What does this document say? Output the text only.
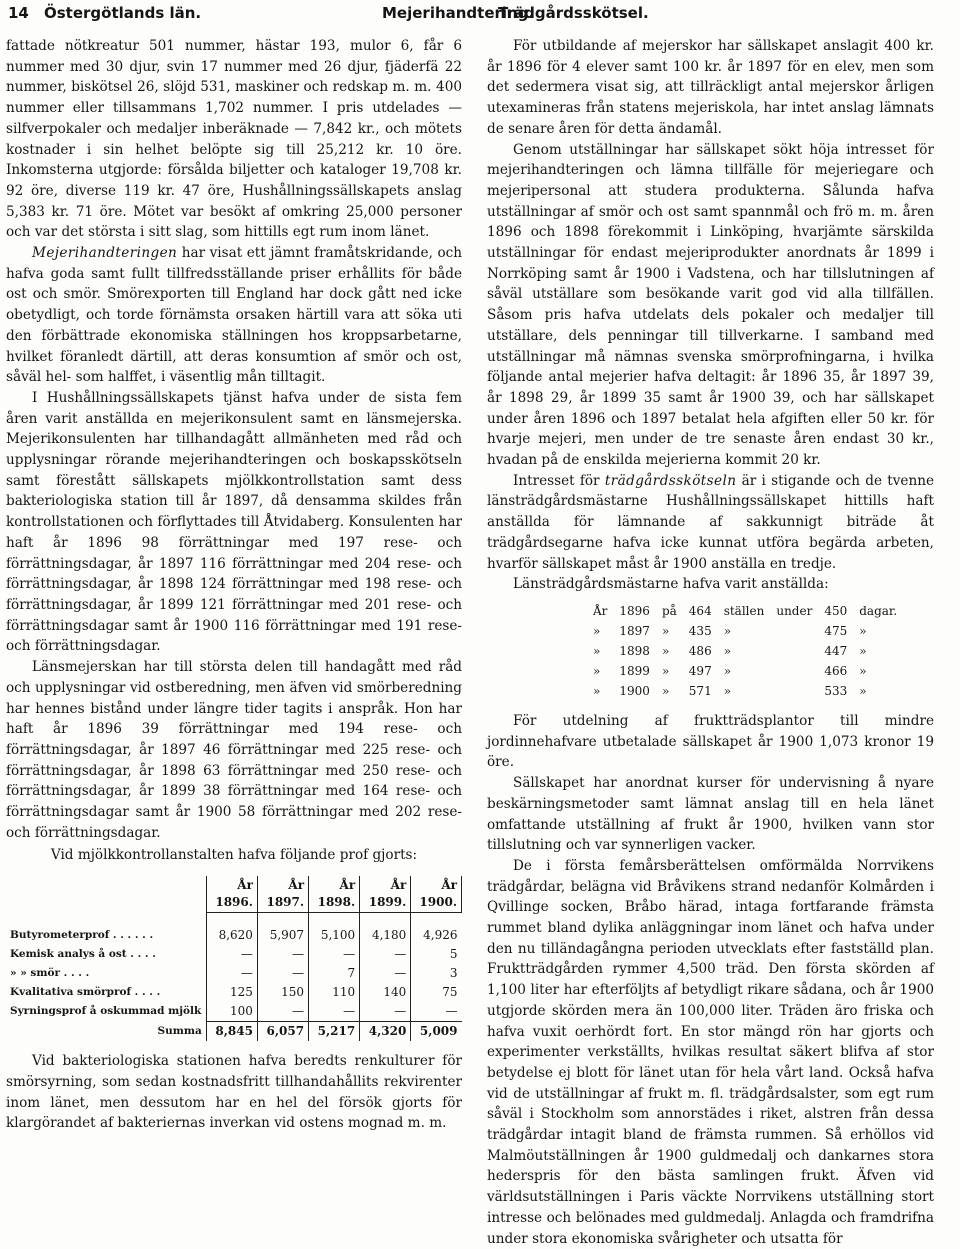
14 Östergötlands län.	Mejerihandtering.
Trädgårdsskötsel.

fattade nötkreatur 501 nummer, hästar 193, mulor 6, får 6 nummer med 30 djur, svin 17 nummer med 26 djur, fjäderfä 22 nummer, biskötsel 26, slöjd 531, maskiner och redskap m. m. 400 nummer eller tillsammans 1,702 nummer. I pris utdelades — silfverpokaler och medaljer inberäknade — 7,842 kr., och mötets kostnader i sin helhet belöpte sig till 25,212 kr. 10 öre. Inkomsterna utgjorde: försålda biljetter och kataloger 19,708 kr. 92 öre, diverse 119 kr. 47 öre, Hushållningssällskapets anslag 5,383 kr. 71 öre. Mötet var besökt af omkring 25,000 personer och var det största i sitt slag, som hittills egt rum inom länet.

Mejerihandteringen har visat ett jämnt framåtskridande, och hafva goda samt fullt tillfredsställande priser erhållits för både ost och smör. Smörexporten till England har dock gått ned icke obetydligt, och torde förnämsta orsaken härtill vara att söka uti den förbättrade ekonomiska ställningen hos kroppsarbetarne, hvilket föranledt därtill, att deras konsumtion af smör och ost, såväl hel- som halffet, i väsentlig mån tilltagit.

I Hushållningssällskapets tjänst hafva under de sista fem åren varit anställda en mejerikonsulent samt en länsmejerska. Mejerikonsulenten har tillhandagått allmänheten med råd och upplysningar rörande mejerihandteringen och boskapsskötseln samt förestått sällskapets mjölkkontrollstation samt dess bakteriologiska station till år 1897, då densamma skildes från kontrollstationen och förflyttades till Åtvidaberg. Konsulenten har haft år 1896 98 förrättningar med 197 rese- och förrättningsdagar, år 1897 116 förrättningar med 204 rese- och förrättningsdagar, år 1898 124 förrättningar med 198 rese- och förrättningsdagar, år 1899 121 förrättningar med 201 rese- och förrättningsdagar samt år 1900 116 förrättningar med 191 rese- och förrättningsdagar.

Länsmejerskan har till största delen till handagått med råd och upplysningar vid ostberedning, men äfven vid smörberedning har hennes bistånd under längre tider tagits i anspråk. Hon har haft år 1896 39 förrättningar med 194 rese- och förrättningsdagar, år 1897 46 förrättningar med 225 rese- och förrättningsdagar, år 1898 63 förrättningar med 250 rese- och förrättningsdagar, år 1899 38 förrättningar med 164 rese- och förrättningsdagar samt år 1900 58 förrättningar med 202 rese- och förrättningsdagar.

Vid mjölkkontrollanstalten hafva följande prof gjorts:

	År 1896.	År 1897.	År 1898.	År 1899.	År 1900.
Butyrometerprof . . . . . .	8,620	5,907	5,100	4,180	4,926
Kemisk analys å ost . . . .	—	—	—	—	5
» » smör . . . .	—	—	7	—	3
Kvalitativa smörprof . . . .	125	150	110	140	75
Syrningsprof å oskummad mjölk	100	—	—	—	—
Summa	8,845	6,057	5,217	4,320	5,009

Vid bakteriologiska stationen hafva beredts renkulturer för smörsyrning, som sedan kostnadsfritt tillhandahållits rekvirenter inom länet, men dessutom har en hel del försök gjorts för klargörandet af bakteriernas inverkan vid ostens mognad m. m.

För utbildande af mejerskor har sällskapet anslagit 400 kr. år 1896 för 4 elever samt 100 kr. år 1897 för en elev, men som det sedermera visat sig, att tillräckligt antal mejerskor årligen utexamineras från statens mejeriskola, har intet anslag lämnats de senare åren för detta ändamål.

Genom utställningar har sällskapet sökt höja intresset för mejerihandteringen och lämna tillfälle för mejeriegare och mejeripersonal att studera produkterna. Sålunda hafva utställningar af smör och ost samt spannmål och frö m. m. åren 1896 och 1898 förekommit i Linköping, hvarjämte särskilda utställningar för endast mejeriprodukter anordnats år 1899 i Norrköping samt år 1900 i Vadstena, och har tillslutningen af såväl utställare som besökande varit god vid alla tillfällen. Såsom pris hafva utdelats dels pokaler och medaljer till utställare, dels penningar till tillverkarne. I samband med utställningar må nämnas svenska smörprofningarna, i hvilka följande antal mejerier hafva deltagit: år 1896 35, år 1897 39, år 1898 29, år 1899 35 samt år 1900 39, och har sällskapet under åren 1896 och 1897 betalat hela afgiften eller 50 kr. för hvarje mejeri, men under de tre senaste åren endast 30 kr., hvadan på de enskilda mejerierna kommit 20 kr.

Intresset för trädgårdsskötseln är i stigande och de tvenne länsträdgårdsmästarne Hushållningssällskapet hittills haft anställda för lämnande af sakkunnigt biträde åt trädgårdsegarne hafva icke kunnat utföra begärda arbeten, hvarför sällskapet måst år 1900 anställa en tredje.

Länsträdgårdsmästarne hafva varit anställda:

År	1896	på	464	ställen	under	450	dagar.
»	1897	»	435	»		475	»
»	1898	»	486	»		447	»
»	1899	»	497	»		466	»
»	1900	»	571	»		533	»

För utdelning af fruktträdsplantor till mindre jordinnehafvare utbetalade sällskapet år 1900 1,073 kronor 19 öre.

Sällskapet har anordnat kurser för undervisning å nyare beskärningsmetoder samt lämnat anslag till en hela länet omfattande utställning af frukt år 1900, hvilken vann stor tillslutning och var synnerligen vacker.

De i första femårsberättelsen omförmälda Norrvikens trädgårdar, belägna vid Bråvikens strand nedanför Kolmården i Qvillinge socken, Bråbo härad, intaga fortfarande främsta rummet bland dylika anläggningar inom länet och hafva under den nu tilländagångna perioden utvecklats efter fastställd plan. Fruktträdgården rymmer 4,500 träd. Den första skörden af 1,100 liter har efterföljts af betydligt rikare sådana, och år 1900 utgjorde skörden mera än 100,000 liter. Träden äro friska och hafva vuxit oerhördt fort. En stor mängd rön har gjorts och experimenter verkställts, hvilkas resultat säkert blifva af stor betydelse ej blott för länet utan för hela vårt land. Också hafva vid de utställningar af frukt m. fl. trädgårdsalster, som egt rum såväl i Stockholm som annorstädes i riket, alstren från dessa trädgårdar intagit bland de främsta rummen. Så erhöllos vid Malmöutställningen år 1900 guldmedalj och dankarnes stora hederspris för den bästa samlingen frukt. Äfven vid världsutställningen i Paris väckte Norrvikens utställning stort intresse och belönades med guldmedalj. Anlagda och framdrifna under stora ekonomiska svårigheter och utsatta för
